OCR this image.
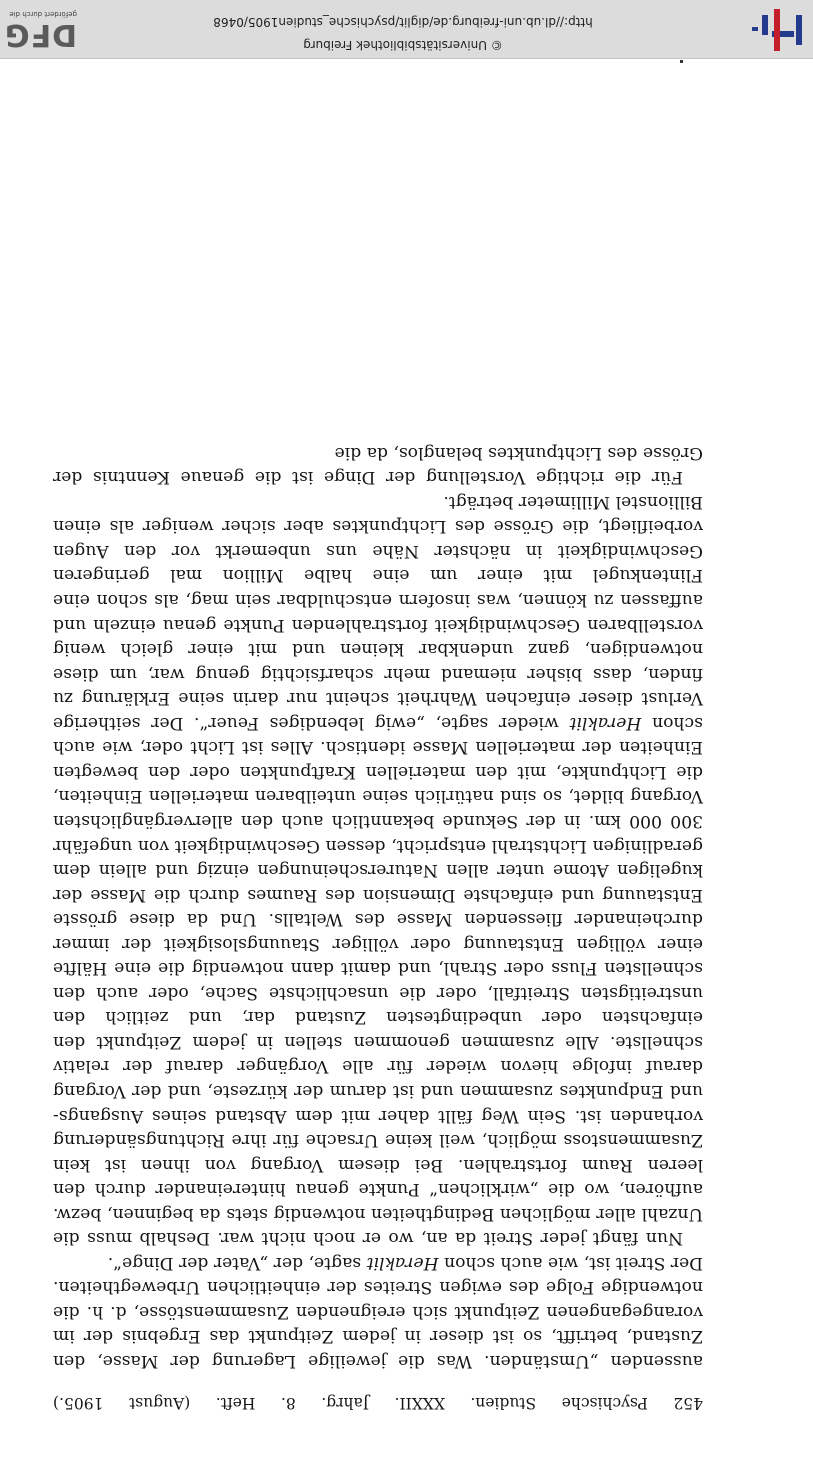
452 Psychische Studien. XXXII. Jahrg. 8. Heft. (August 1905.)

aussenden „Umständen. Was die jeweilige Lagerung der Masse, den Zustand, betrifft, so ist dieser in jedem Zeitpunkt das Ergebnis der im vorangegangenen Zeitpunkt sich ereignenden Zusammenstösse, d. h. die notwendige Folge des ewigen Streites der einheitlichen Urbewegtheiten. Der Streit ist, wie auch schon Heraklit sagte, der „Vater der Dinge“.

Nun fängt jeder Streit da an, wo er noch nicht war. Deshalb muss die Unzahl aller möglichen Bedingtheiten notwendig stets da beginnen, bezw. aufhören, wo die „wirklichen“ Punkte genau hintereinander durch den leeren Raum fortstrahlen. Bei diesem Vorgang von ihnen ist kein Zusammenstoss möglich, weil keine Ursache für ihre Richtungsänderung vorhanden ist. Sein Weg fällt daher mit dem Abstand seines Ausgangs- und Endpunktes zusammen und ist darum der kürzeste, und der Vorgang darauf infolge hievon wieder für alle Vorgänger darauf der relativ schnellste. Alle zusammen genommen stellen in jedem Zeitpunkt den einfachsten oder unbedingtesten Zustand dar, und zeitlich den unstreitigsten Streitfall, oder die unsachlichste Sache, oder auch den schnellsten Fluss oder Strahl, und damit dann notwendig die eine Hälfte einer völligen Entstauung oder völliger Stauungslosigkeit der immer durcheinander fliessenden Masse des Weltalls. Und da diese grösste Entstauung und einfachste Dimension des Raumes durch die Masse der kugeligen Atome unter allen Naturerscheinungen einzig und allein dem geradlinigen Lichtstrahl entspricht, dessen Geschwindigkeit von ungefähr 300 000 km. in der Sekunde bekanntlich auch den allervergänglichsten Vorgang bildet, so sind natürlich seine unteilbaren materiellen Einheiten, die Lichtpunkte, mit den materiellen Kraftpunkten oder den bewegten Einheiten der materiellen Masse identisch. Alles ist Licht oder, wie auch schon Heraklit wieder sagte, „ewig lebendiges Feuer“. Der seitherige Verlust dieser einfachen Wahrheit scheint nur darin seine Erklärung zu finden, dass bisher niemand mehr scharfsichtig genug war, um diese notwendigen, ganz undenkbar kleinen und mit einer gleich wenig vorstellbaren Geschwindigkeit fortstrahlenden Punkte genau einzeln und auffassen zu können, was insofern entschuldbar sein mag, als schon eine Flintenkugel mit einer um eine halbe Million mal geringeren Geschwindigkeit in nächster Nähe uns unbemerkt vor den Augen vorbeifliegt, die Grösse des Lichtpunktes aber sicher weniger als einen Billionstel Millimeter beträgt.

Für die richtige Vorstellung der Dinge ist die genaue Kenntnis der Grösse des Lichtpunktes belanglos, da die

http://dl.ub.uni-freiburg.de/diglit/psychische_studien1905/0468
© Universitätsbibliothek Freiburg
DFG
gefördert durch die
